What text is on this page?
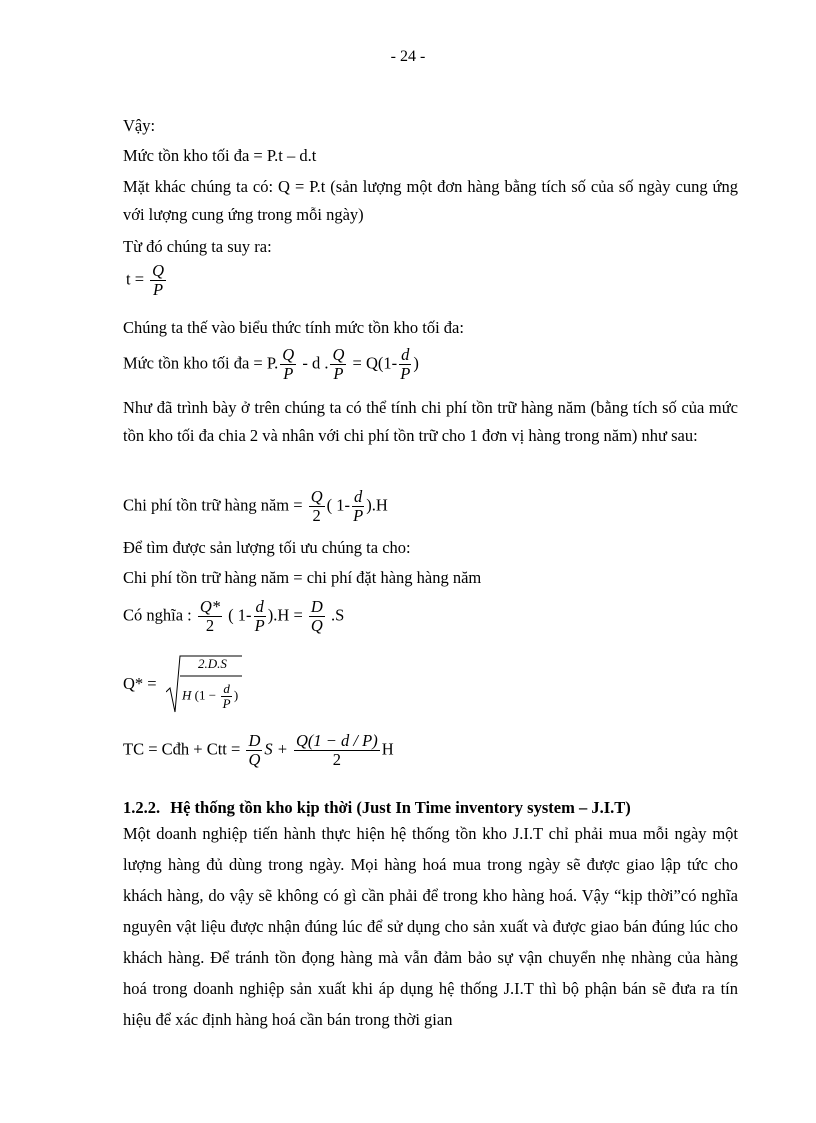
- 24 -
Vậy:
Mức tồn kho tối đa = P.t – d.t
Mặt khác chúng ta có: Q = P.t (sản lượng một đơn hàng bằng tích số của số ngày cung ứng với lượng cung ứng trong mỗi ngày)
Từ đó chúng ta suy ra:
$t = \frac{Q}{P}$
Chúng ta thế vào biểu thức tính mức tồn kho tối đa:
Mức tồn kho tối đa = P. $\frac{Q}{P}$ - d . $\frac{Q}{P} = Q(1- \frac{d}{P}$ )
Như đã trình bày ở trên chúng ta có thể tính chi phí tồn trữ hàng năm (bằng tích số của mức tồn kho tối đa chia 2 và nhân với chi phí tồn trữ cho 1 đơn vị hàng trong năm) như sau:
Chi phí tồn trữ hàng năm = $\frac{Q}{2}$ ( $1- \frac{d}{P} ).H$
Để tìm được sản lượng tối ưu chúng ta cho:
Chi phí tồn trữ hàng năm = chi phí đặt hàng hàng năm
Có nghĩa : $\frac{Q*}{2}$ ( $1- \frac{d}{P} ).H = \frac{D}{Q} .S$
Q* =
2.D.S
H ($1 - \frac{d}{P}$ )
TC = Cđh + Ctt = $\frac{D}{Q}$ $S + \frac{Q(1 - d / P)}{2}$ H
1.2.2. Hệ thống tồn kho kịp thời (Just In Time inventory system – J.I.T)
Một doanh nghiệp tiến hành thực hiện hệ thống tồn kho J.I.T chỉ phải mua mỗi ngày một lượng hàng đủ dùng trong ngày. Mọi hàng hoá mua trong ngày sẽ được giao lập tức cho khách hàng, do vậy sẽ không có gì cần phải để trong kho hàng hoá. Vậy “kịp thời”có nghĩa nguyên vật liệu được nhận đúng lúc để sử dụng cho sản xuất và được giao bán đúng lúc cho khách hàng. Để tránh tồn đọng hàng mà vẫn đảm bảo sự vận chuyển nhẹ nhàng của hàng hoá trong doanh nghiệp sản xuất khi áp dụng hệ thống J.I.T thì bộ phận bán sẽ đưa ra tín hiệu để xác định hàng hoá cần bán trong thời gian
